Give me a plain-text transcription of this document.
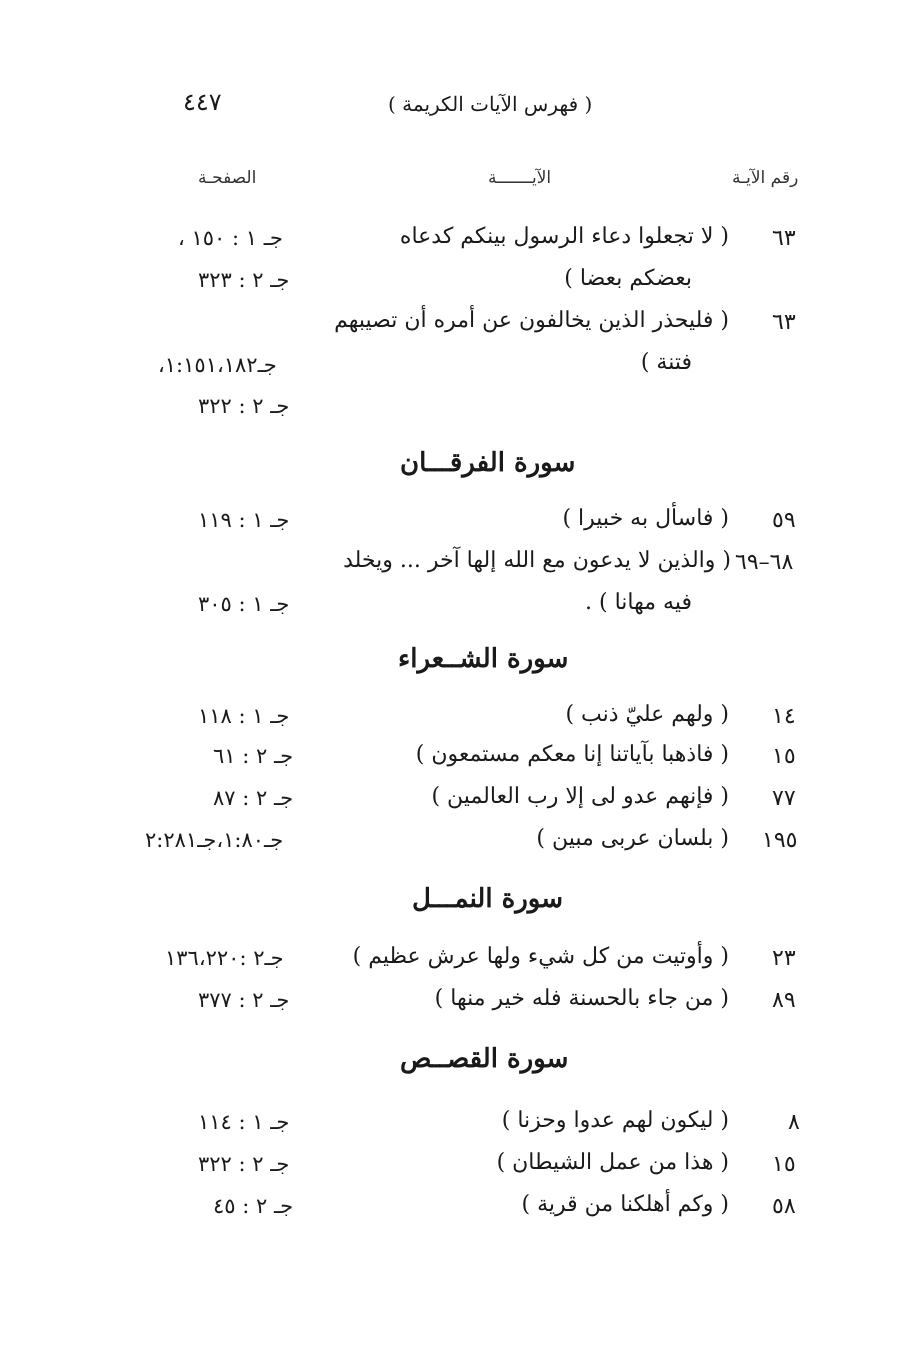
٤٤٧	( فهرس الآيات الكريمة )
رقم الآيـة
الآيـــــــة
الصفحـة
٦٣
( لا تجعلوا دعاء الرسول بينكم كدعاه
جـ ١ : ١٥٠ ،
بعضكم بعضا )
جـ ٢ : ٣٢٣
٦٣
( فليحذر الذين يخالفون عن أمره أن تصيبهم
فتنة )
جـ١:١٥١،١٨٢،
جـ ٢ : ٣٢٢
سورة الفرقـــان
٥٩
( فاسأل به خبيرا )
جـ ١ : ١١٩
٦٨–٦٩
( والذين لا يدعون مع الله إلها آخر ... ويخلد
فيه مهانا ) .
جـ ١ : ٣٠٥
سورة الشــعراء
١٤
( ولهم عليّ ذنب )
جـ ١ : ١١٨
١٥
( فاذهبا بآياتنا إنا معكم مستمعون )
جـ ٢ : ٦١
٧٧
( فإنهم عدو لى إلا رب العالمين )
جـ ٢ : ٨٧
١٩٥
( بلسان عربى مبين )
جـ١:٨٠،جـ٢:٢٨١
سورة النمـــل
٢٣
( وأوتيت من كل شيء ولها عرش عظيم )
جـ٢ :١٣٦،٢٢٠
٨٩
( من جاء بالحسنة فله خير منها )
جـ ٢ : ٣٧٧
سورة القصــص
٨
( ليكون لهم عدوا وحزنا )
جـ ١ : ١١٤
١٥
( هذا من عمل الشيطان )
جـ ٢ : ٣٢٢
٥٨
( وكم أهلكنا من قرية )
جـ ٢ : ٤٥
